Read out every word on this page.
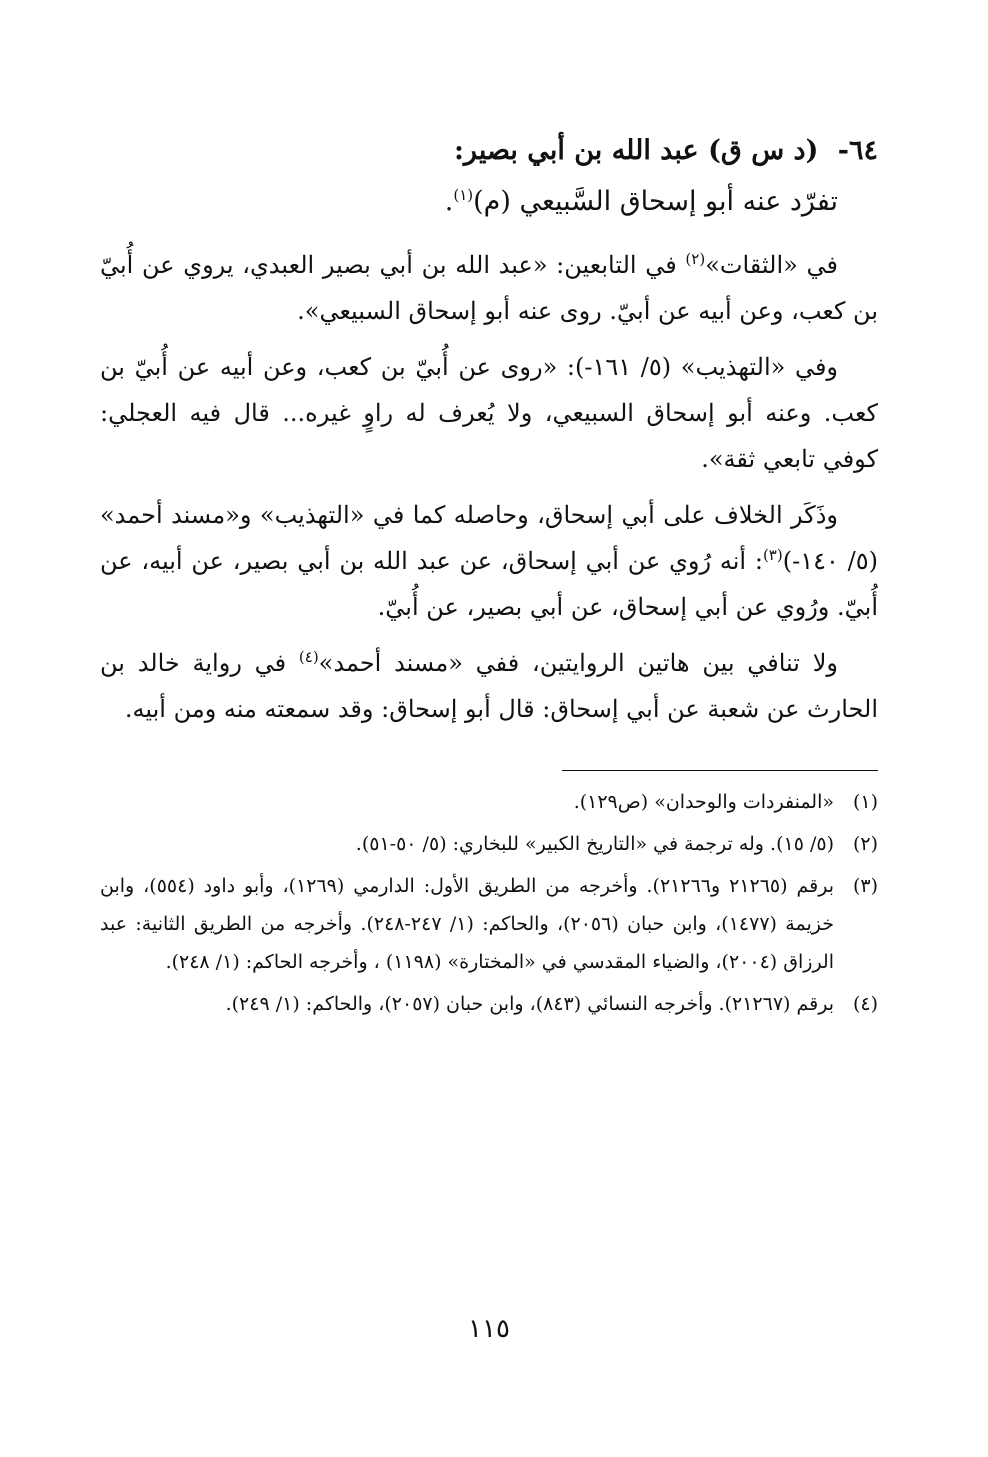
٦٤- (د س ق) عبد الله بن أبي بصير:
تفرّد عنه أبو إسحاق السَّبيعي (م)$^{(١)}$.

في «الثقات»$^{(٢)}$ في التابعين: «عبد الله بن أبي بصير العبدي، يروي عن أُبيّ بن كعب، وعن أبيه عن أبيّ. روى عنه أبو إسحاق السبيعي».

وفي «التهذيب» (٥/ ١٦١-): «روى عن أُبيّ بن كعب، وعن أبيه عن أُبيّ بن كعب. وعنه أبو إسحاق السبيعي، ولا يُعرف له راوٍ غيره... قال فيه العجلي: كوفي تابعي ثقة».

وذَكَر الخلاف على أبي إسحاق، وحاصله كما في «التهذيب» و«مسند أحمد» (٥/ ١٤٠-)$^{(٣)}$: أنه رُوي عن أبي إسحاق، عن عبد الله بن أبي بصير، عن أبيه، عن أُبيّ. ورُوي عن أبي إسحاق، عن أبي بصير، عن أُبيّ.

ولا تنافي بين هاتين الروايتين، ففي «مسند أحمد»$^{(٤)}$ في رواية خالد بن الحارث عن شعبة عن أبي إسحاق: قال أبو إسحاق: وقد سمعته منه ومن أبيه.

(١)
«المنفردات والوحدان» (ص١٢٩).
(٢)
(٥/ ١٥). وله ترجمة في «التاريخ الكبير» للبخاري: (٥/ ٥٠-٥١).
(٣)
برقم (٢١٢٦٥ و٢١٢٦٦). وأخرجه من الطريق الأول: الدارمي (١٢٦٩)، وأبو داود (٥٥٤)، وابن خزيمة (١٤٧٧)، وابن حبان (٢٠٥٦)، والحاكم: (١/ ٢٤٧-٢٤٨). وأخرجه من الطريق الثانية: عبد الرزاق (٢٠٠٤)، والضياء المقدسي في «المختارة» (١١٩٨) ، وأخرجه الحاكم: (١/ ٢٤٨).
(٤)
برقم (٢١٢٦٧). وأخرجه النسائي (٨٤٣)، وابن حبان (٢٠٥٧)، والحاكم: (١/ ٢٤٩).
١١٥
